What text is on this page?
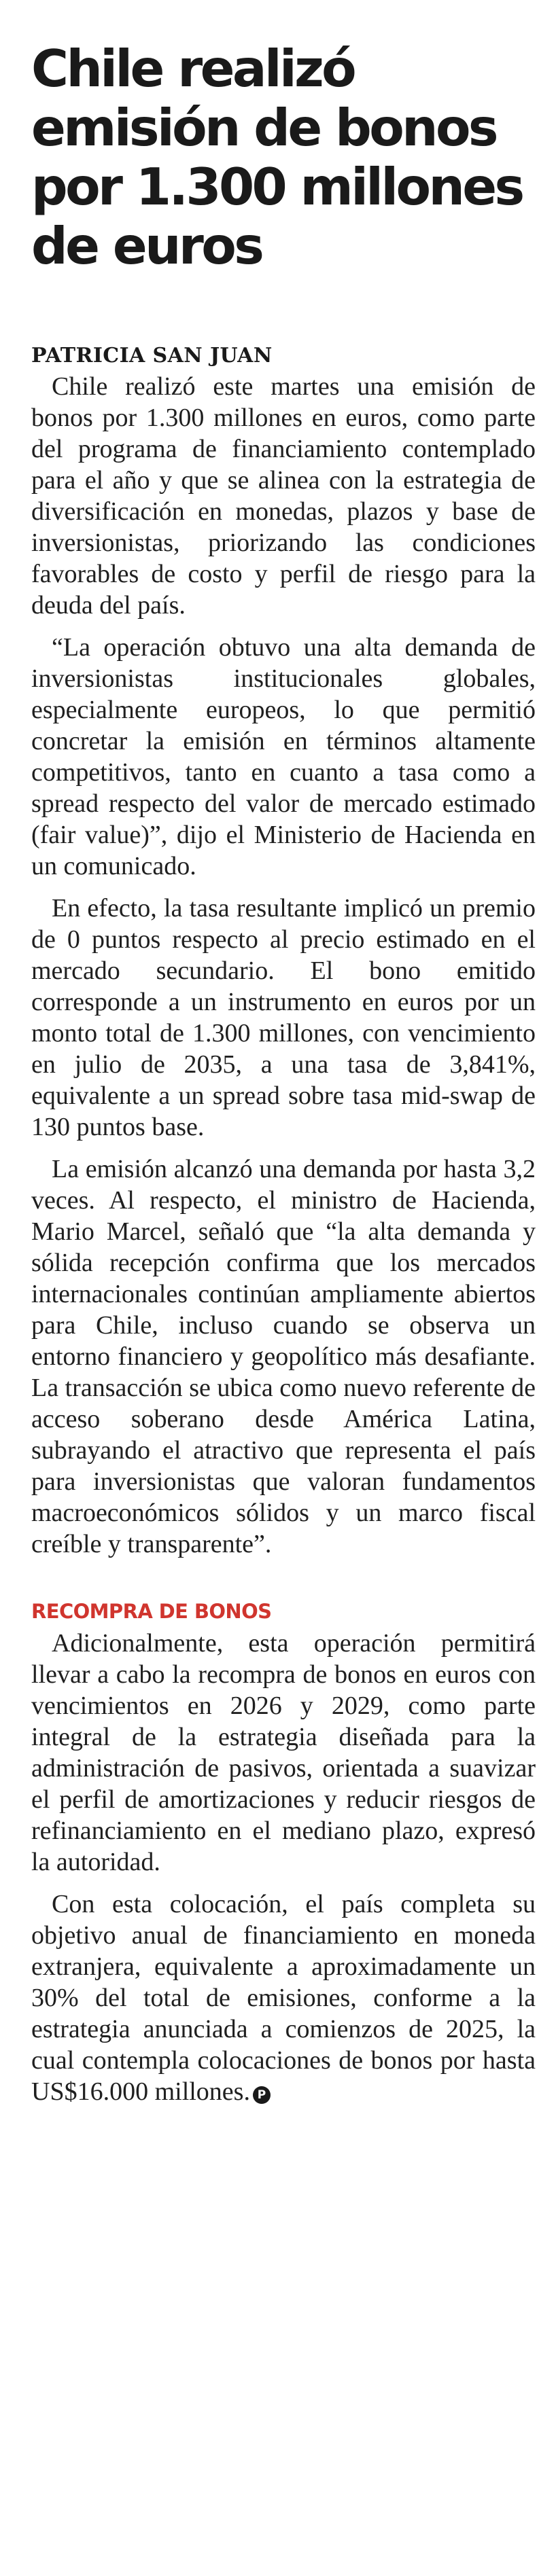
Chile realizó emisión de bonos por 1.300 millones de euros
PATRICIA SAN JUAN

Chile realizó este martes una emisión de bonos por 1.300 millones en euros, como parte del programa de financiamiento contemplado para el año y que se alinea con la estrategia de diversificación en monedas, plazos y base de inversionistas, priorizando las condiciones favorables de costo y perfil de riesgo para la deuda del país.

“La operación obtuvo una alta demanda de inversionistas institucionales globales, especialmente europeos, lo que permitió concretar la emisión en términos altamente competitivos, tanto en cuanto a tasa como a spread respecto del valor de mercado estimado (fair value)”, dijo el Ministerio de Hacienda en un comunicado.

En efecto, la tasa resultante implicó un premio de 0 puntos respecto al precio estimado en el mercado secundario. El bono emitido corresponde a un instrumento en euros por un monto total de 1.300 millones, con vencimiento en julio de 2035, a una tasa de 3,841%, equivalente a un spread sobre tasa mid-swap de 130 puntos base.

La emisión alcanzó una demanda por hasta 3,2 veces. Al respecto, el ministro de Hacienda, Mario Marcel, señaló que “la alta demanda y sólida recepción confirma que los mercados internacionales continúan ampliamente abiertos para Chile, incluso cuando se observa un entorno financiero y geopolítico más desafiante. La transacción se ubica como nuevo referente de acceso soberano desde América Latina, subrayando el atractivo que representa el país para inversionistas que valoran fundamentos macroeconómicos sólidos y un marco fiscal creíble y transparente”.

RECOMPRA DE BONOS

Adicionalmente, esta operación permitirá llevar a cabo la recompra de bonos en euros con vencimientos en 2026 y 2029, como parte integral de la estrategia diseñada para la administración de pasivos, orientada a suavizar el perfil de amortizaciones y reducir riesgos de refinanciamiento en el mediano plazo, expresó la autoridad.

Con esta colocación, el país completa su objetivo anual de financiamiento en moneda extranjera, equivalente a aproximadamente un 30% del total de emisiones, conforme a la estrategia anunciada a comienzos de 2025, la cual contempla colocaciones de bonos por hasta US$16.000 millones. P
